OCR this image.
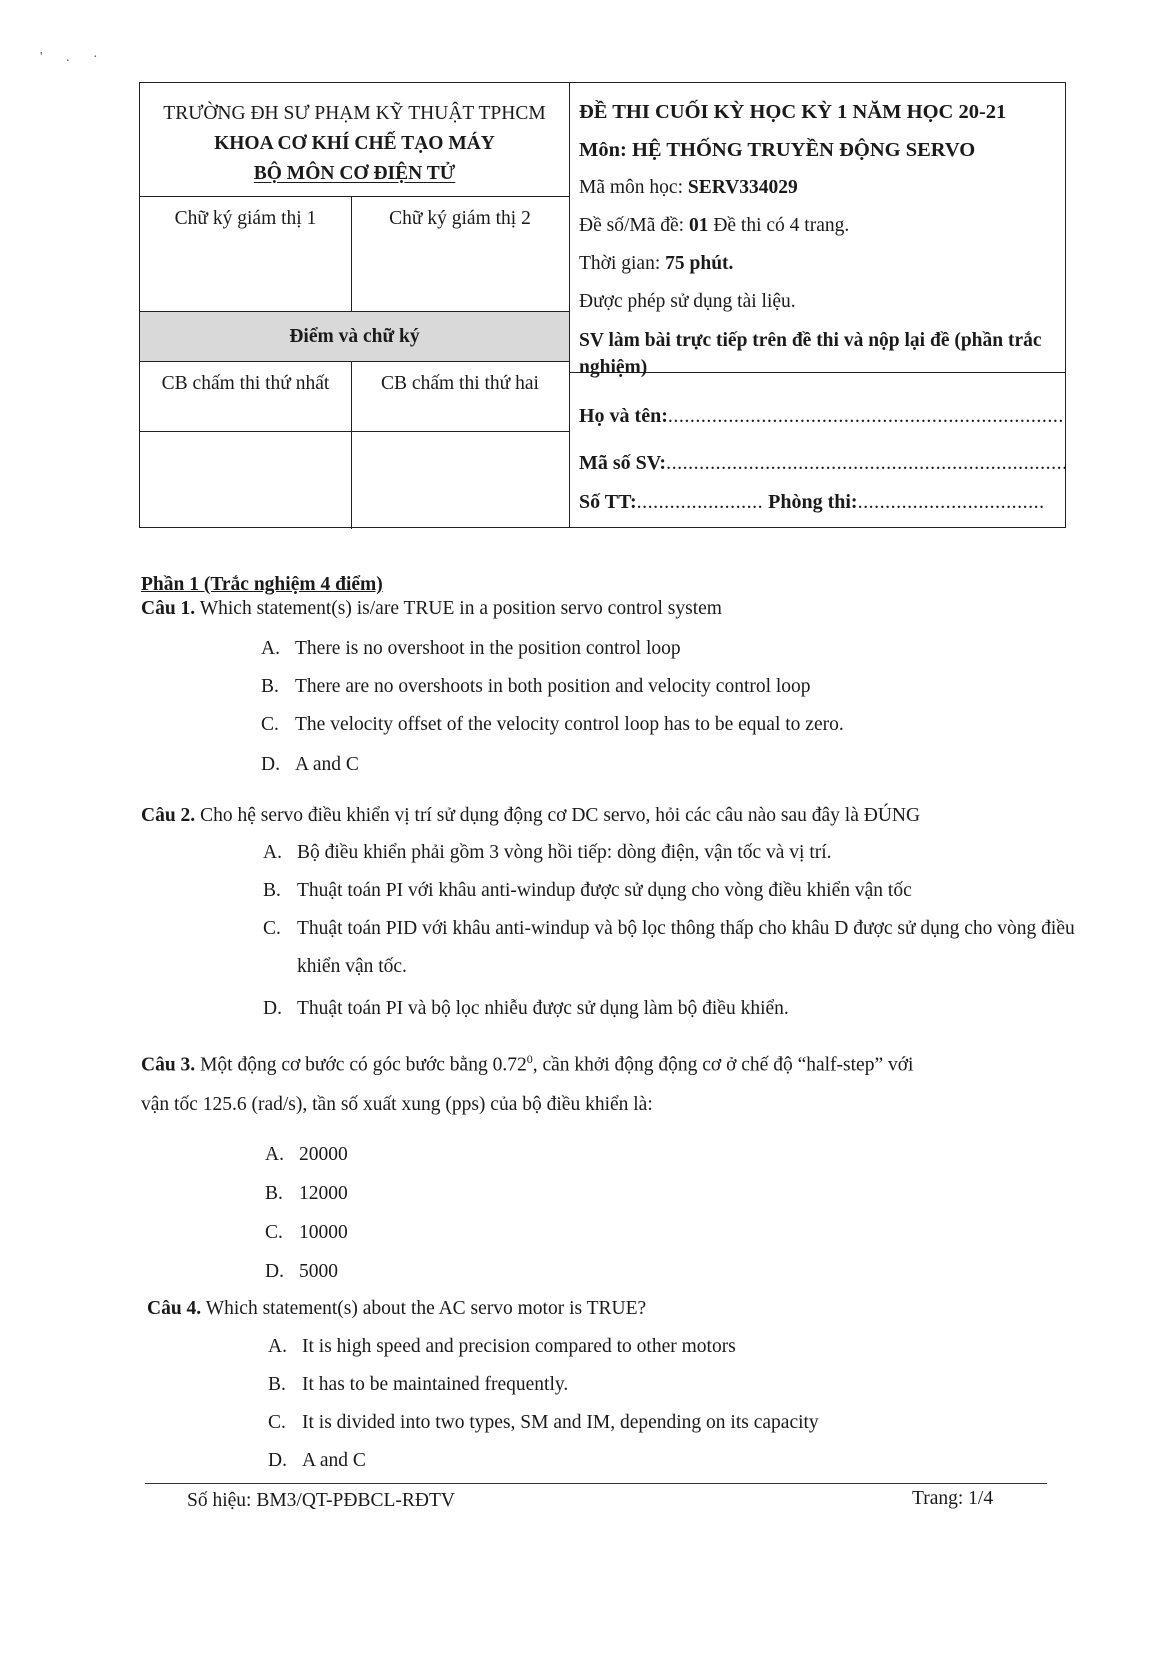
' . ·
TRƯỜNG ĐH SƯ PHẠM KỸ THUẬT TPHCM
KHOA CƠ KHÍ CHẾ TẠO MÁY
BỘ MÔN CƠ ĐIỆN TỬ
Chữ ký giám thị 1	Chữ ký giám thị 2
Điểm và chữ ký
CB chấm thi thứ nhất	CB chấm thi thứ hai
ĐỀ THI CUỐI KỲ HỌC KỲ 1 NĂM HỌC 20-21
Môn: HỆ THỐNG TRUYỀN ĐỘNG SERVO
Mã môn học: SERV334029
Đề số/Mã đề: 01 Đề thi có 4 trang.
Thời gian: 75 phút.
Được phép sử dụng tài liệu.
SV làm bài trực tiếp trên đề thi và nộp lại đề (phần trắc nghiệm)
Họ và tên:........................................................................
Mã số SV:.........................................................................
Số TT:....................... Phòng thi:..................................
Phần 1 (Trắc nghiệm 4 điểm)
Câu 1. Which statement(s) is/are TRUE in a position servo control system
A. There is no overshoot in the position control loop
B. There are no overshoots in both position and velocity control loop
C. The velocity offset of the velocity control loop has to be equal to zero.
D. A and C
Câu 2. Cho hệ servo điều khiển vị trí sử dụng động cơ DC servo, hỏi các câu nào sau đây là ĐÚNG
A. Bộ điều khiển phải gồm 3 vòng hồi tiếp: dòng điện, vận tốc và vị trí.
B. Thuật toán PI với khâu anti-windup được sử dụng cho vòng điều khiển vận tốc
C. Thuật toán PID với khâu anti-windup và bộ lọc thông thấp cho khâu D được sử dụng cho vòng điều khiển vận tốc.
D. Thuật toán PI và bộ lọc nhiễu được sử dụng làm bộ điều khiển.
Câu 3. Một động cơ bước có góc bước bằng 0.72$^0$, cần khởi động động cơ ở chế độ “half-step” với
vận tốc 125.6 (rad/s), tần số xuất xung (pps) của bộ điều khiển là:
A. 20000
B. 12000
C. 10000
D. 5000
Câu 4. Which statement(s) about the AC servo motor is TRUE?
A. It is high speed and precision compared to other motors
B. It has to be maintained frequently.
C. It is divided into two types, SM and IM, depending on its capacity
D. A and C
Số hiệu: BM3/QT-PĐBCL-RĐTV	Trang: 1/4
